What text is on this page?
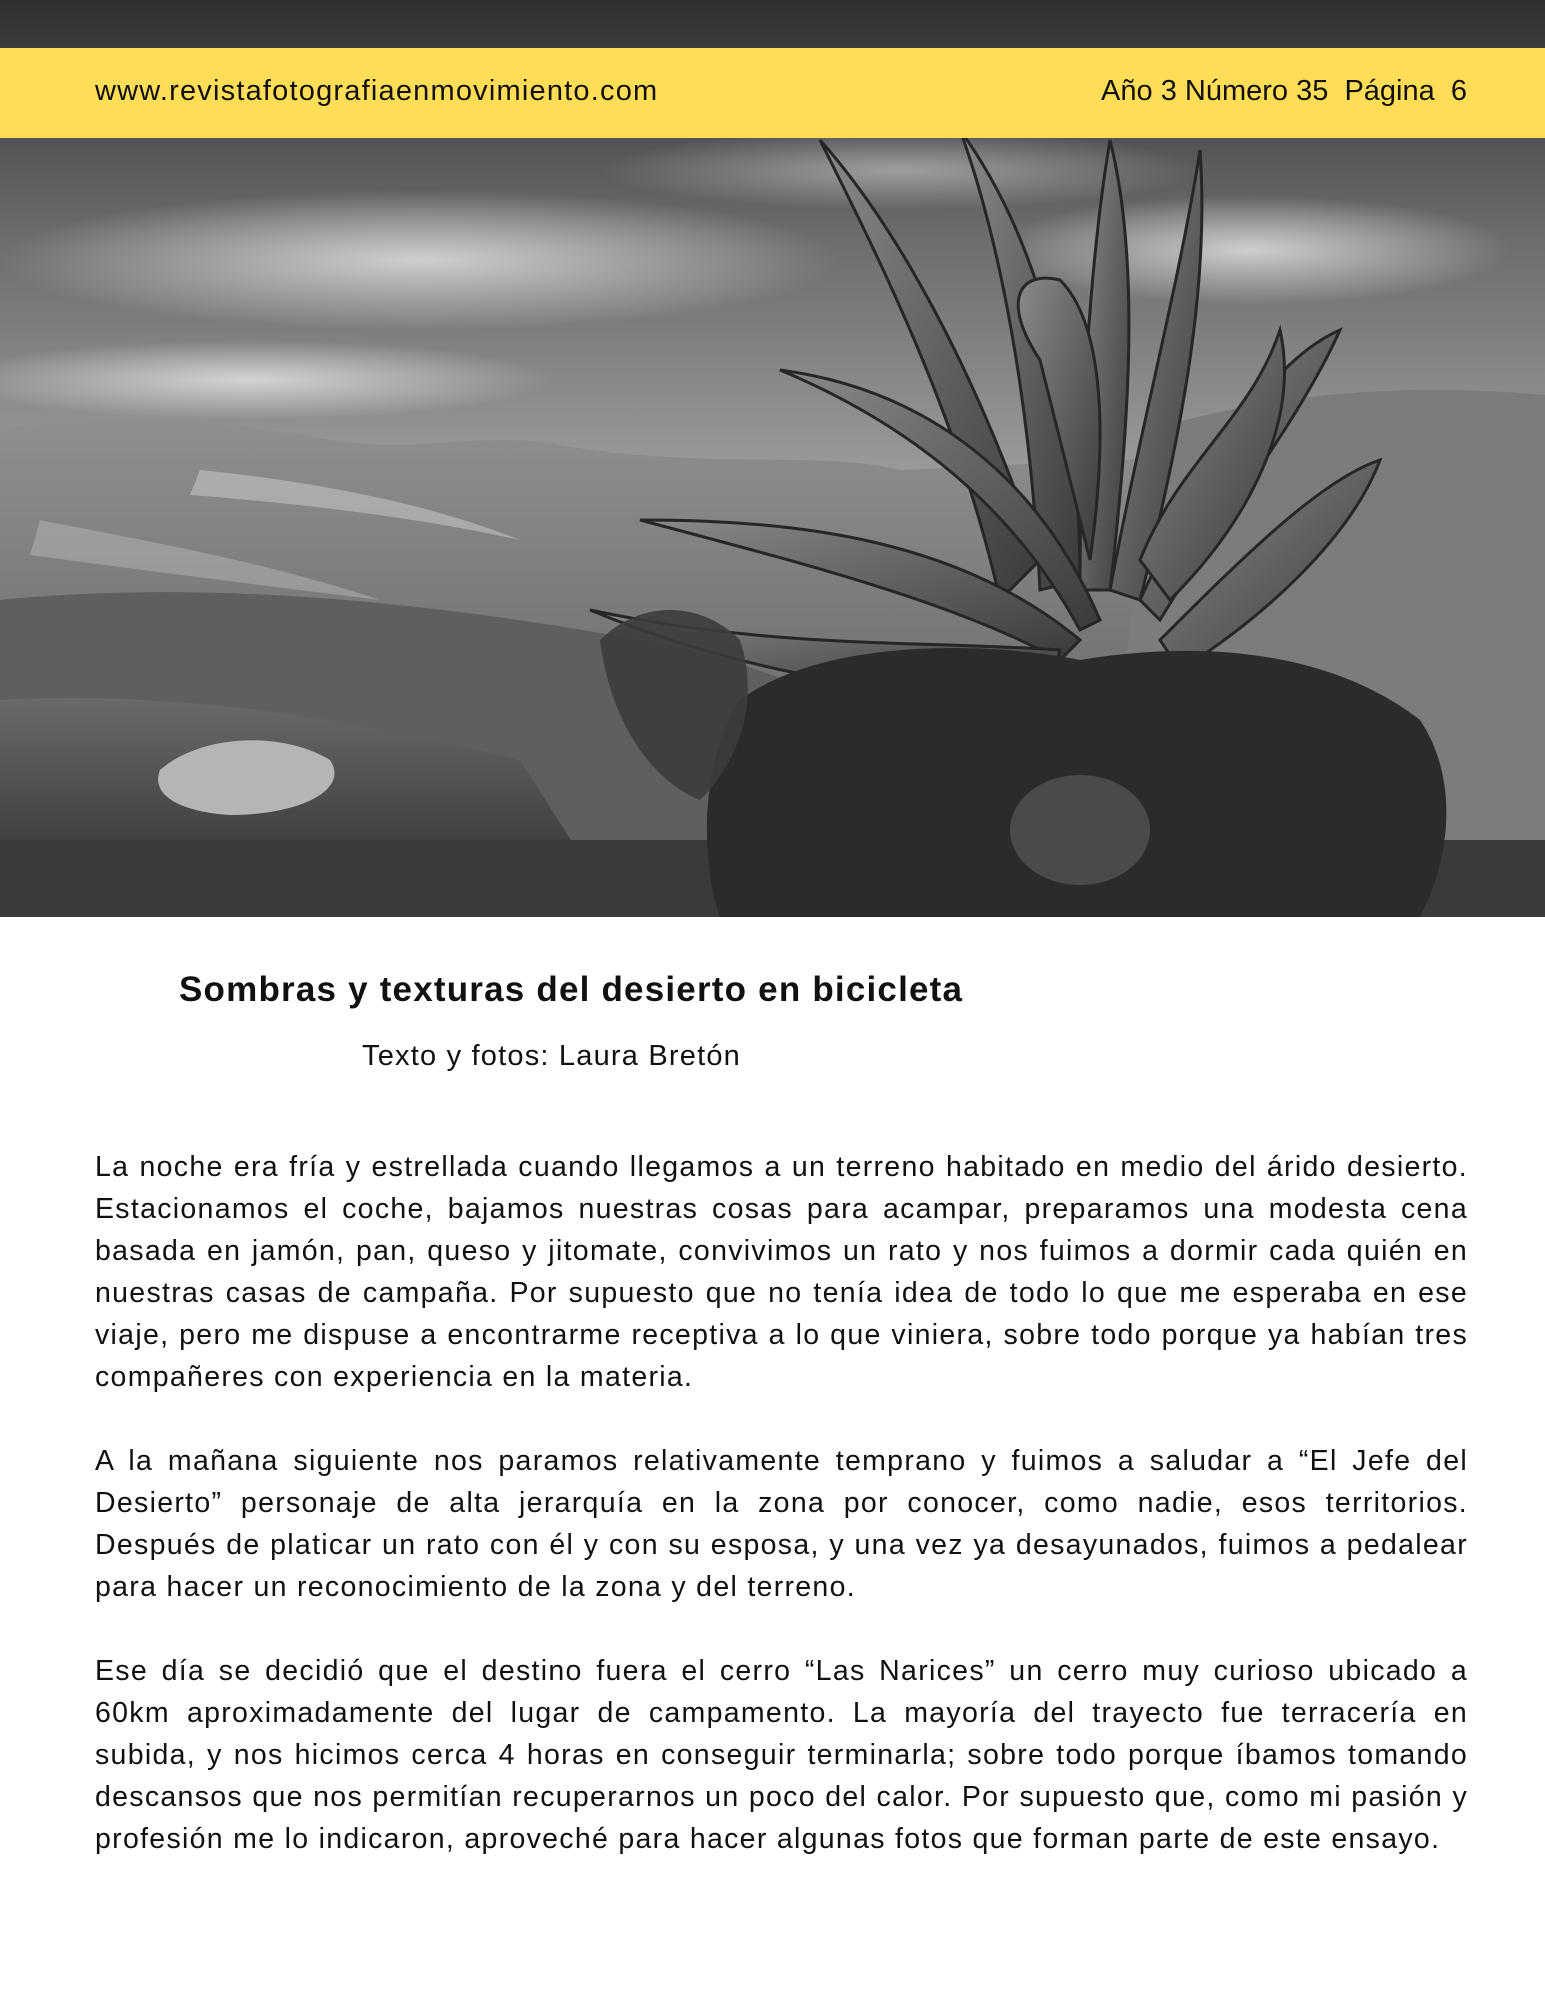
www.revistafotografiaenmovimiento.com	Año 3 Número 35  Página  6
Sombras y texturas del desierto en bicicleta
Texto y fotos: Laura Bretón

La noche era fría y estrellada cuando llegamos a un terreno habitado en medio del árido desierto. Estacionamos el coche, bajamos nuestras cosas para acampar, preparamos una modesta cena basada en jamón, pan, queso y jitomate, convivimos un rato y nos fuimos a dormir cada quién en nuestras casas de campaña. Por supuesto que no tenía idea de todo lo que me esperaba en ese viaje, pero me dispuse a encontrarme receptiva a lo que viniera, sobre todo porque ya habían tres compañeres con experiencia en la materia.

A la mañana siguiente nos paramos relativamente temprano y fuimos a saludar a “El Jefe del Desierto” personaje de alta jerarquía en la zona por conocer, como nadie, esos territorios. Después de platicar un rato con él y con su esposa, y una vez ya desayunados, fuimos a pedalear para hacer un reconocimiento de la zona y del terreno.

Ese día se decidió que el destino fuera el cerro “Las Narices” un cerro muy curioso ubicado a 60km aproximadamente del lugar de campamento. La mayoría del trayecto fue terracería en subida, y nos hicimos cerca 4 horas en conseguir terminarla; sobre todo porque íbamos tomando descansos que nos permitían recuperarnos un poco del calor. Por supuesto que, como mi pasión y profesión me lo indicaron, aproveché para hacer algunas fotos que forman parte de este ensayo.
